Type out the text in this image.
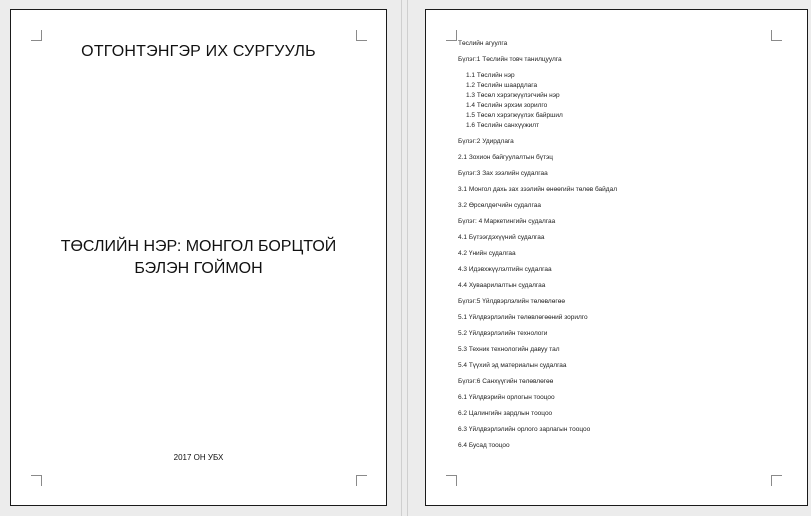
ОТГОНТЭНГЭР ИХ СУРГУУЛЬ
ТӨСЛИЙН НЭР: МОНГОЛ БОРЦТОЙ
БЭЛЭН ГОЙМОН
2017 ОН УБХ
Төслийн агуулга
Бүлэг:1 Төслийн товч танилцуулга
1.1 Төслийн нэр
1.2 Төслийн шаардлага
1.3 Төсөл хэрэгжүүлэгчийн нэр
1.4 Төслийн эрхэм зорилго
1.5 Төсөл хэрэгжүүлэх байршил
1.6 Төслийн санхүүжилт
Бүлэг:2 Удирдлага
2.1 Зохион байгуулалтын бүтэц
Бүлэг:3 Зах зээлийн судалгаа
3.1 Монгол дахь зах зээлийн өнөөгийн төлөв байдал
3.2 Өрсөлдөгчийн судалгаа
Бүлэг: 4 Маркетингийн судалгаа
4.1 Бүтээгдэхүүний судалгаа
4.2 Үнийн судалгаа
4.3 Идэвхжүүлэлтийн судалгаа
4.4 Хуваарилалтын судалгаа
Бүлэг:5 Үйлдвэрлэлийн төлөвлөгөө
5.1 Үйлдвэрлэлийн төлөвлөгөөний зорилго
5.2 Үйлдвэрлэлийн технологи
5.3 Техник технологийн давуу тал
5.4 Түүхий эд материалын судалгаа
Бүлэг:6 Санхүүгийн төлөвлөгөө
6.1 Үйлдвэрийн орлогын тооцоо
6.2 Цалингийн зардлын тооцоо
6.3 Үйлдвэрлэлийн орлого зарлагын тооцоо
6.4 Бусад тооцоо
